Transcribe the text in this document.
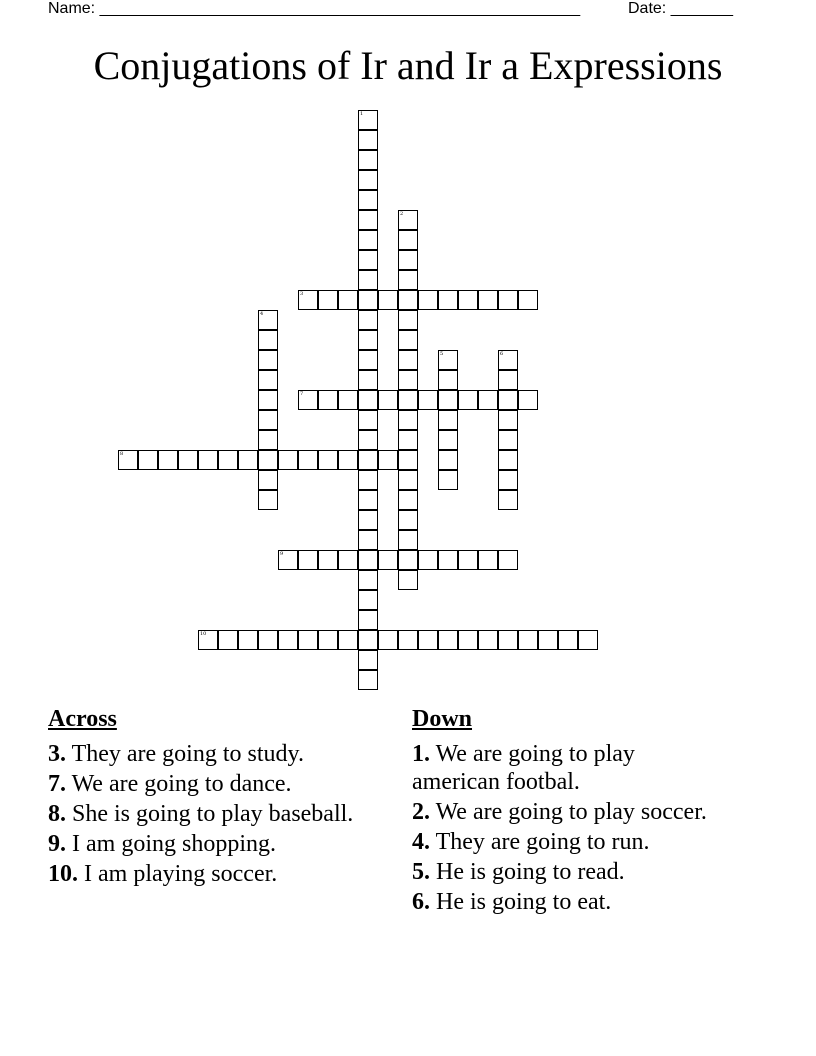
Name: ______________________________________________________	Date: _______
Conjugations of Ir and Ir a Expressions
1
2
3
4
5	6
7
8
9
10
Across
3. They are going to study.
7. We are going to dance.
8. She is going to play baseball.
9. I am going shopping.
10. I am playing soccer.
Down
1. We are going to play american footbal.
2. We are going to play soccer.
4. They are going to run.
5. He is going to read.
6. He is going to eat.
